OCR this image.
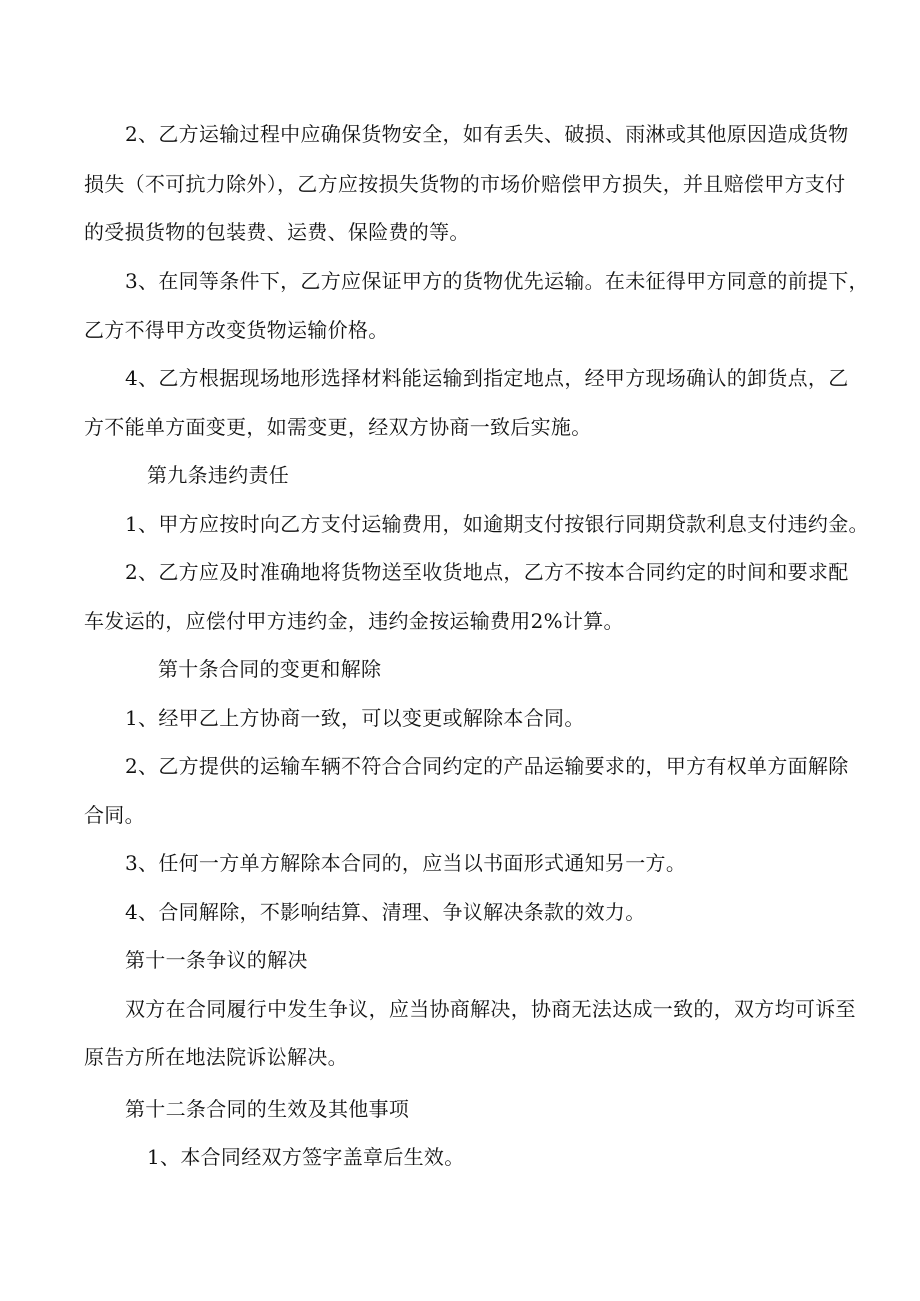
2、乙方运输过程中应确保货物安全，如有丢失、破损、雨淋或其他原因造成货物
损失（不可抗力除外），乙方应按损失货物的市场价赔偿甲方损失，并且赔偿甲方支付
的受损货物的包装费、运费、保险费的等。
3、在同等条件下，乙方应保证甲方的货物优先运输。在未征得甲方同意的前提下，
乙方不得甲方改变货物运输价格。
4、乙方根据现场地形选择材料能运输到指定地点，经甲方现场确认的卸货点，乙
方不能单方面变更，如需变更，经双方协商一致后实施。
第九条违约责任
1、甲方应按时向乙方支付运输费用，如逾期支付按银行同期贷款利息支付违约金。
2、乙方应及时准确地将货物送至收货地点，乙方不按本合同约定的时间和要求配
车发运的，应偿付甲方违约金，违约金按运输费用2%计算。
第十条合同的变更和解除
1、经甲乙上方协商一致，可以变更或解除本合同。
2、乙方提供的运输车辆不符合合同约定的产品运输要求的，甲方有权单方面解除
合同。
3、任何一方单方解除本合同的，应当以书面形式通知另一方。
4、合同解除，不影响结算、清理、争议解决条款的效力。
第十一条争议的解决
双方在合同履行中发生争议，应当协商解决，协商无法达成一致的，双方均可诉至
原告方所在地法院诉讼解决。
第十二条合同的生效及其他事项
1、本合同经双方签字盖章后生效。
